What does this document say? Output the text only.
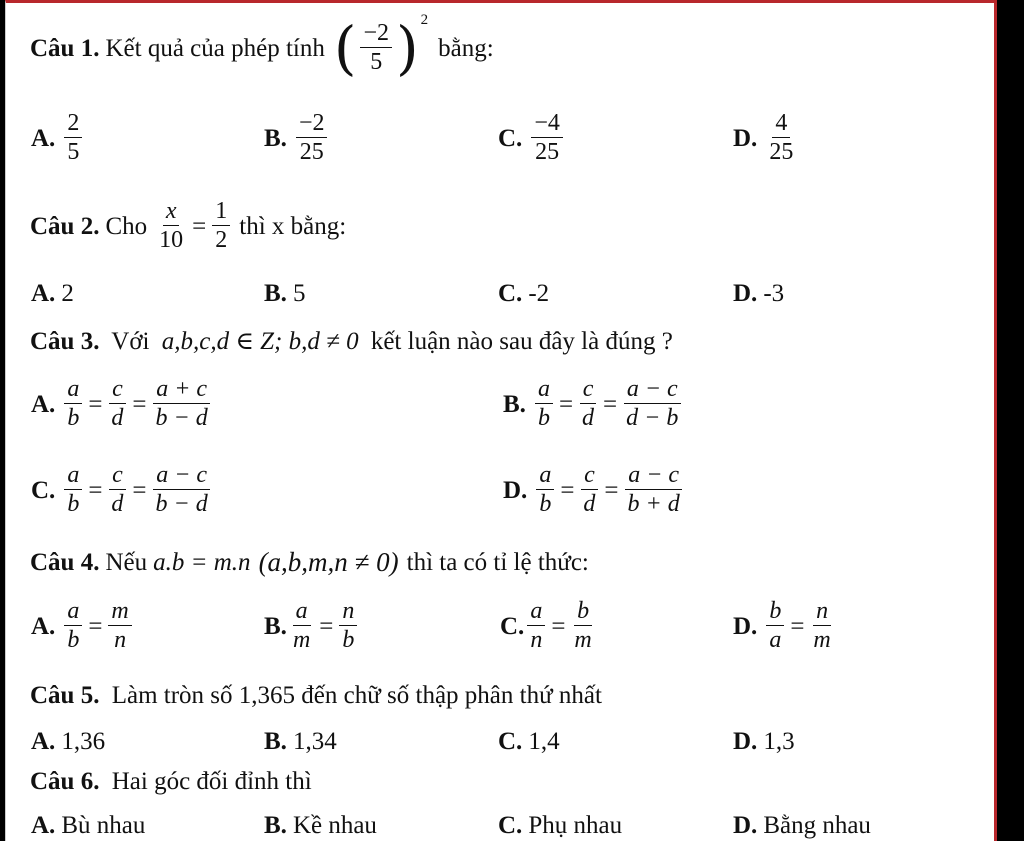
Câu 1. Kết quả của phép tính ( $\frac{-2}{5}$ ) 2
bằng:
A. $\frac{2}{5}$	B. $\frac{-2}{25}$	C. $\frac{-4}{25}$	D. $\frac{4}{25}$
Câu 2. Cho $\frac{x}{10} = \frac{1}{2}$ thì x bằng:
A. 2	B. 5	C. -2	D. -3
Câu 3. Với a,b,c,d ∈ Z; b,d ≠ 0 kết luận nào sau đây là đúng ?
A. $\frac{a}{b} = \frac{c}{d} = \frac{a + c}{b - d}$	B. $\frac{a}{b} = \frac{c}{d} = \frac{a - c}{d - b}$
C. $\frac{a}{b} = \frac{c}{d} = \frac{a - c}{b - d}$	D. $\frac{a}{b} = \frac{c}{d} = \frac{a - c}{b + d}$
Câu 4. Nếu a.b = m.n (a,b,m,n ≠ 0) thì ta có tỉ lệ thức:
A. $\frac{a}{b} = \frac{m}{n}$	B. $\frac{a}{m} = \frac{n}{b}$	C. $\frac{a}{n} = \frac{b}{m}$	D. $\frac{b}{a} = \frac{n}{m}$
Câu 5. Làm tròn số 1,365 đến chữ số thập phân thứ nhất
A. 1,36	B. 1,34	C. 1,4	D. 1,3
Câu 6. Hai góc đối đỉnh thì
A. Bù nhau	B. Kề nhau	C. Phụ nhau	D. Bằng nhau
